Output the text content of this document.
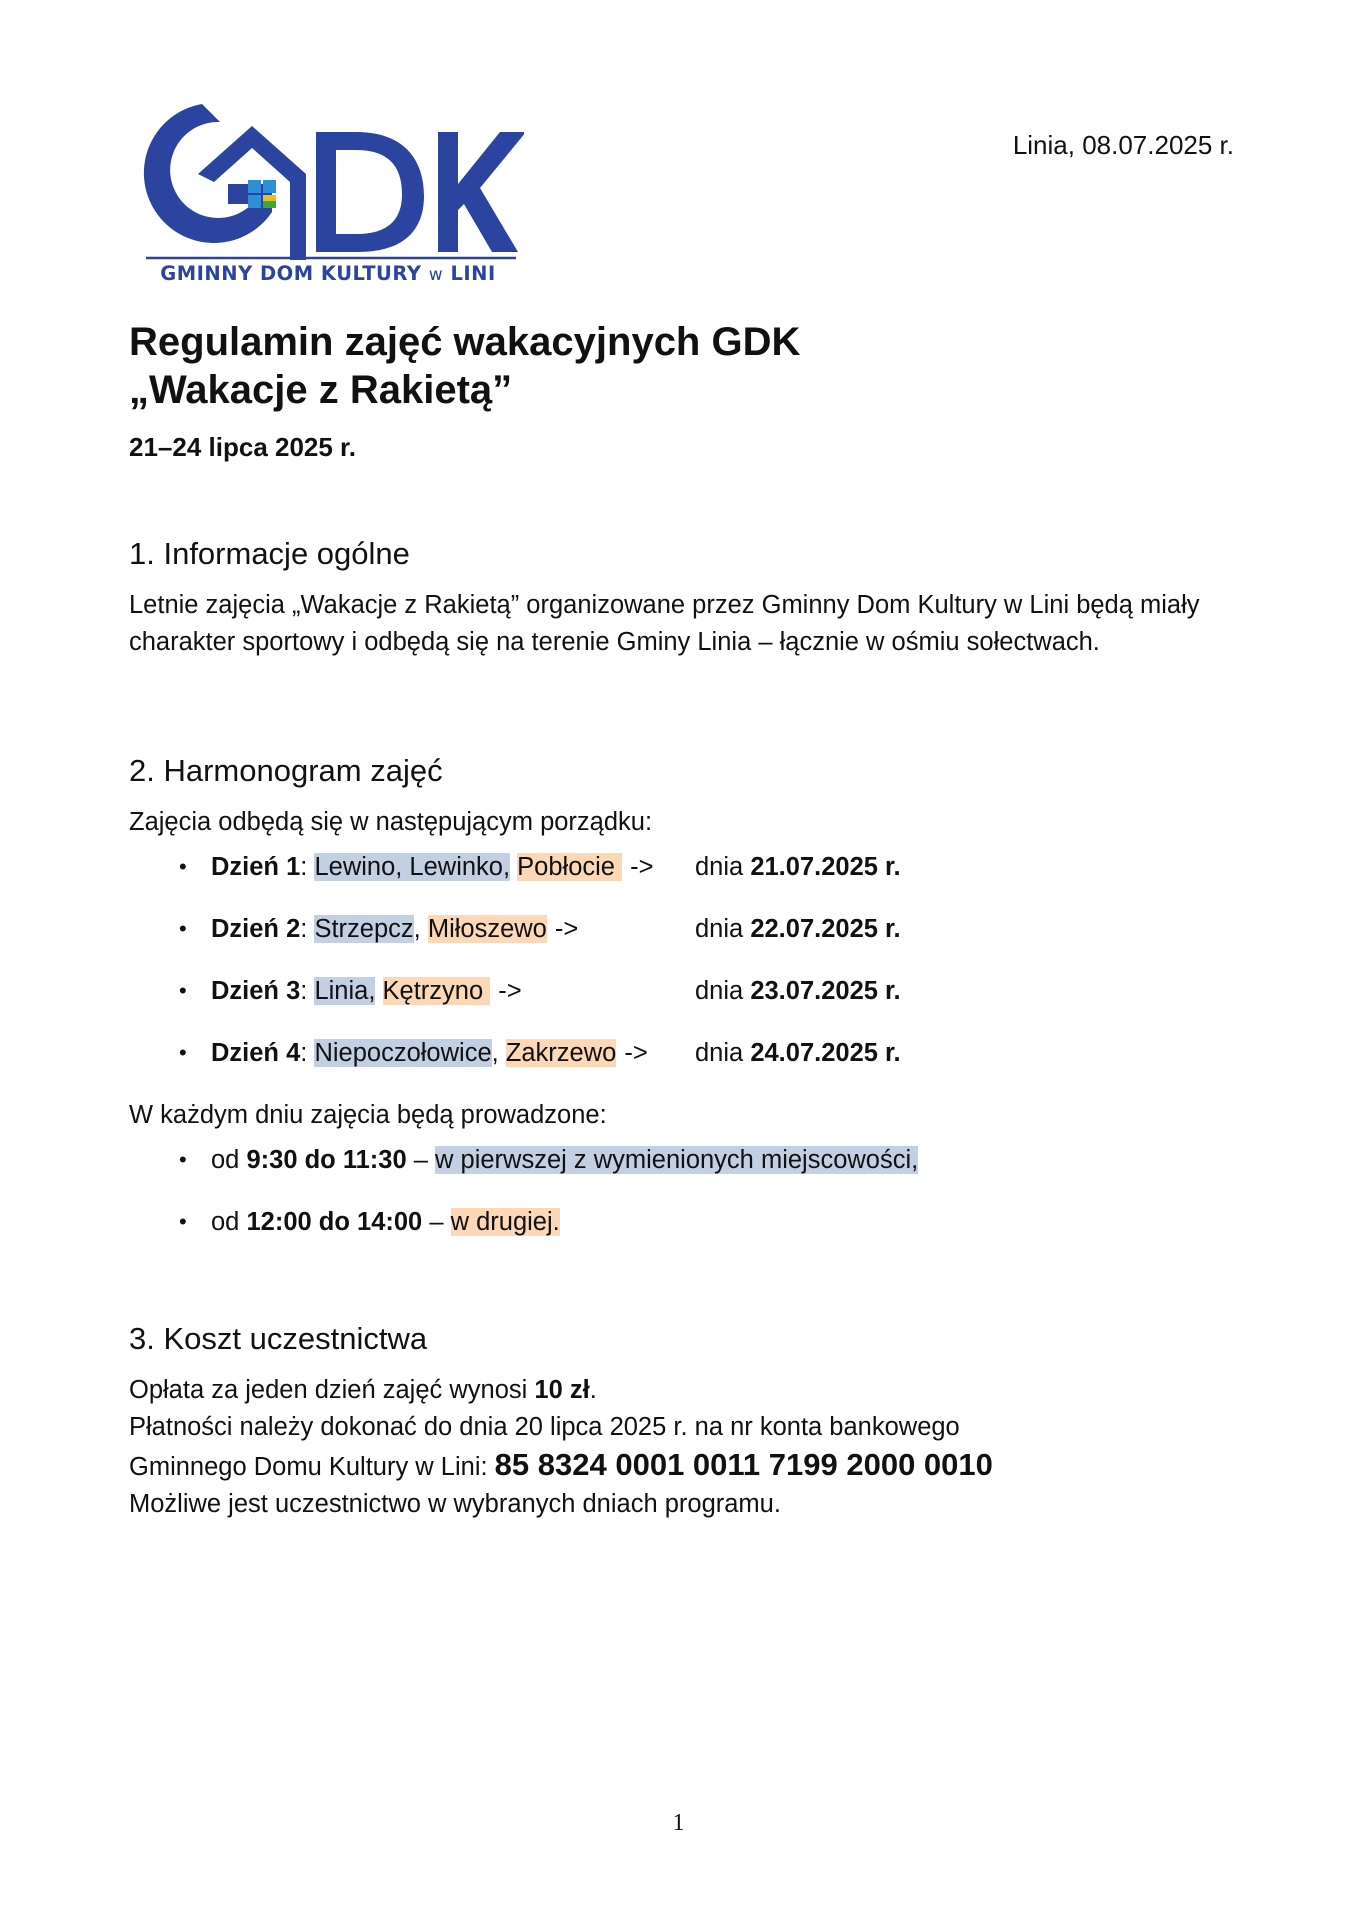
GMINNY DOM KULTURY w LINI
Linia, 08.07.2025 r.
Regulamin zajęć wakacyjnych GDK
„Wakacje z Rakietą”
21–24 lipca 2025 r.
1. Informacje ogólne

Letnie zajęcia „Wakacje z Rakietą” organizowane przez Gminny Dom Kultury w Lini będą miały charakter sportowy i odbędą się na terenie Gminy Linia – łącznie w ośmiu sołectwach.

2. Harmonogram zajęć

Zajęcia odbędą się w następującym porządku:

• Dzień 1: Lewino, Lewinko, Pobłocie -> dnia 21.07.2025 r.
• Dzień 2: Strzepcz, Miłoszewo ->	dnia 22.07.2025 r.
• Dzień 3: Linia, Kętrzyno ->	dnia 23.07.2025 r.
• Dzień 4: Niepoczołowice, Zakrzewo -> dnia 24.07.2025 r.

W każdym dniu zajęcia będą prowadzone:

• od 9:30 do 11:30 – w pierwszej z wymienionych miejscowości,
• od 12:00 do 14:00 – w drugiej.
3. Koszt uczestnictwa

Opłata za jeden dzień zajęć wynosi 10 zł.

Płatności należy dokonać do dnia 20 lipca 2025 r. na nr konta bankowego

Gminnego Domu Kultury w Lini: 85 8324 0001 0011 7199 2000 0010

Możliwe jest uczestnictwo w wybranych dniach programu.

1
